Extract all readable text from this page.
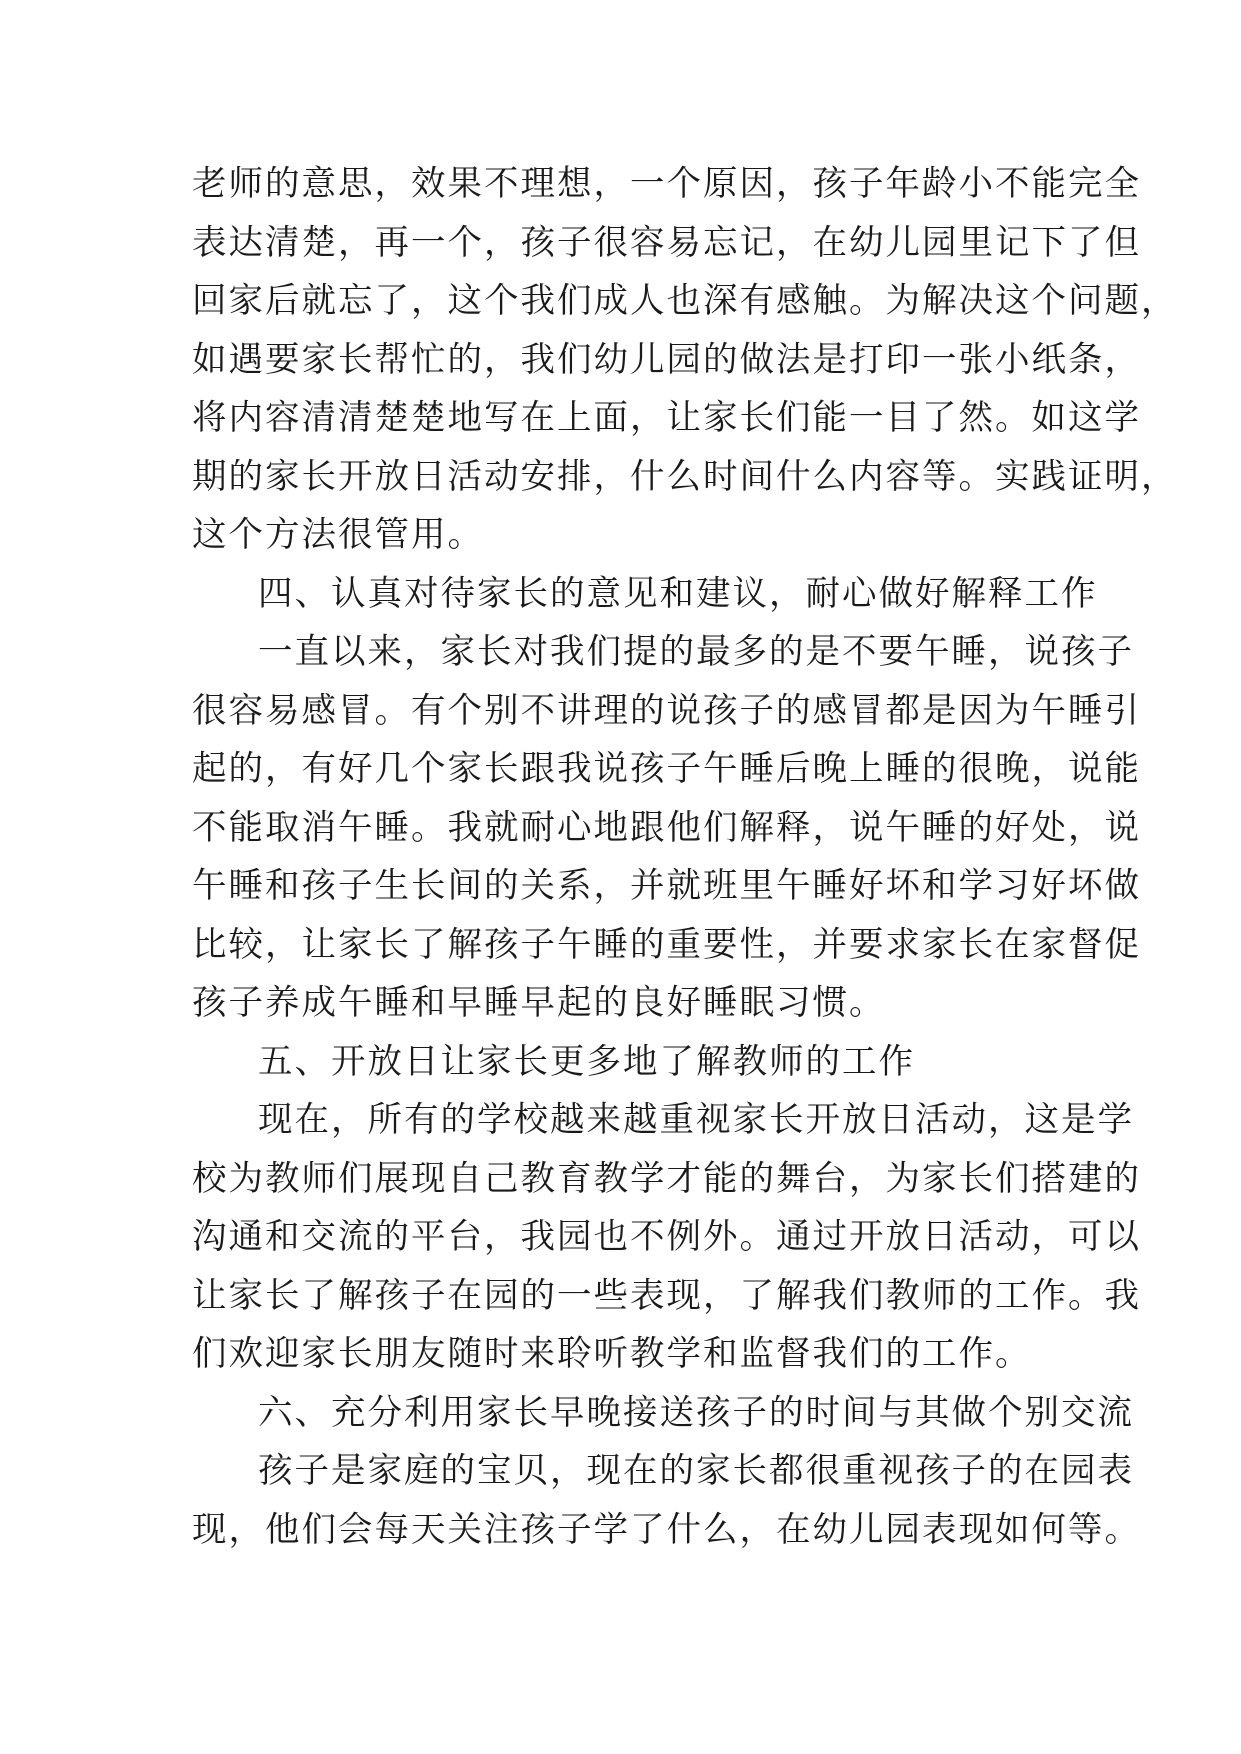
老师的意思，效果不理想，一个原因，孩子年龄小不能完全
表达清楚，再一个，孩子很容易忘记，在幼儿园里记下了但
回家后就忘了，这个我们成人也深有感触。为解决这个问题，
如遇要家长帮忙的，我们幼儿园的做法是打印一张小纸条，
将内容清清楚楚地写在上面，让家长们能一目了然。如这学
期的家长开放日活动安排，什么时间什么内容等。实践证明，
这个方法很管用。
四、认真对待家长的意见和建议，耐心做好解释工作
一直以来，家长对我们提的最多的是不要午睡，说孩子
很容易感冒。有个别不讲理的说孩子的感冒都是因为午睡引
起的，有好几个家长跟我说孩子午睡后晚上睡的很晚，说能
不能取消午睡。我就耐心地跟他们解释，说午睡的好处，说
午睡和孩子生长间的关系，并就班里午睡好坏和学习好坏做
比较，让家长了解孩子午睡的重要性，并要求家长在家督促
孩子养成午睡和早睡早起的良好睡眠习惯。
五、开放日让家长更多地了解教师的工作
现在，所有的学校越来越重视家长开放日活动，这是学
校为教师们展现自己教育教学才能的舞台，为家长们搭建的
沟通和交流的平台，我园也不例外。通过开放日活动，可以
让家长了解孩子在园的一些表现，了解我们教师的工作。我
们欢迎家长朋友随时来聆听教学和监督我们的工作。
六、充分利用家长早晚接送孩子的时间与其做个别交流
孩子是家庭的宝贝，现在的家长都很重视孩子的在园表
现，他们会每天关注孩子学了什么，在幼儿园表现如何等。
